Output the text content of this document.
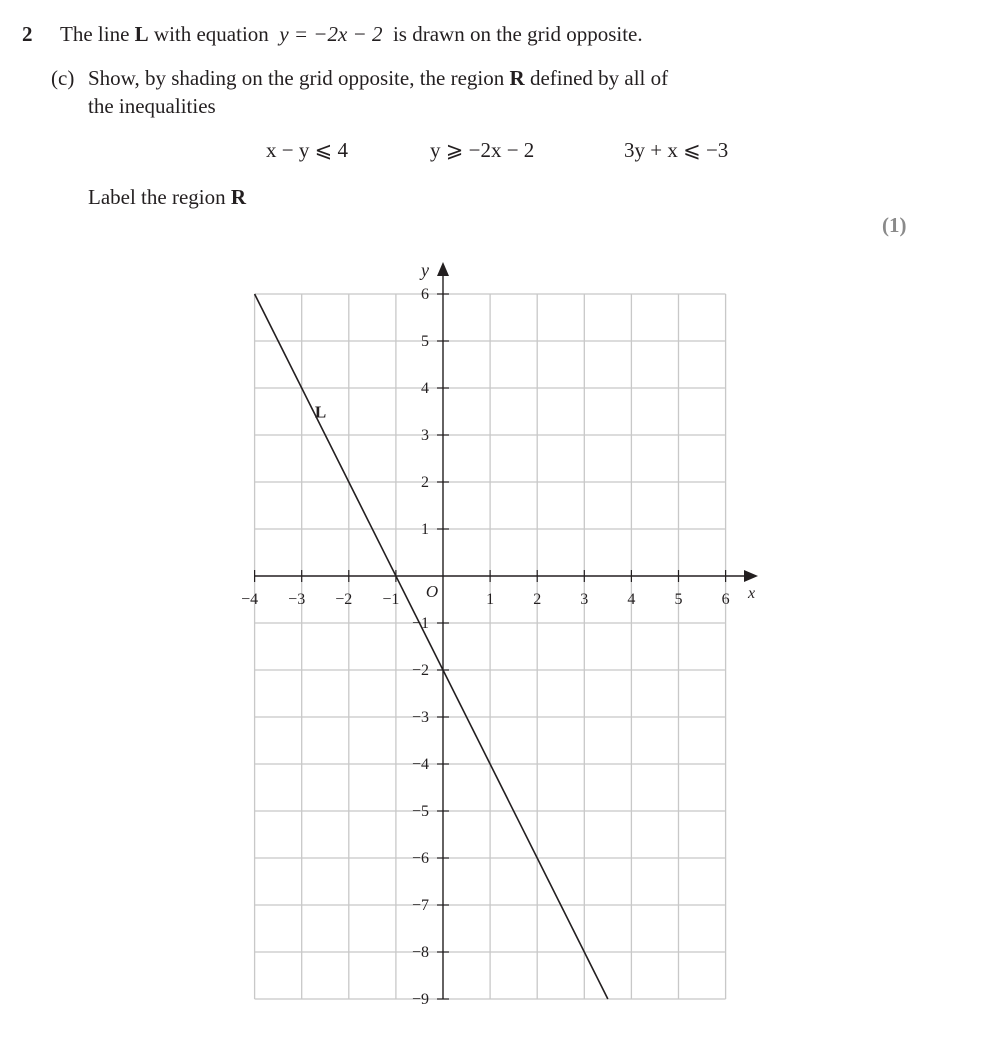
2 The line L with equation  y = −2x − 2  is drawn on the grid opposite.
(c) Show, by shading on the grid opposite, the region R defined by all of
the inequalities
x − y ⩽ 4	y ⩾ −2x − 2	3y + x ⩽ −3
Label the region R
(1)
−4 −3 −2 −1	1 2 3 4 5 6
6
5
4
3
2
1
−1
−2
−3
−4
−5
−6
−7
−8
−9
x
y
O
L
